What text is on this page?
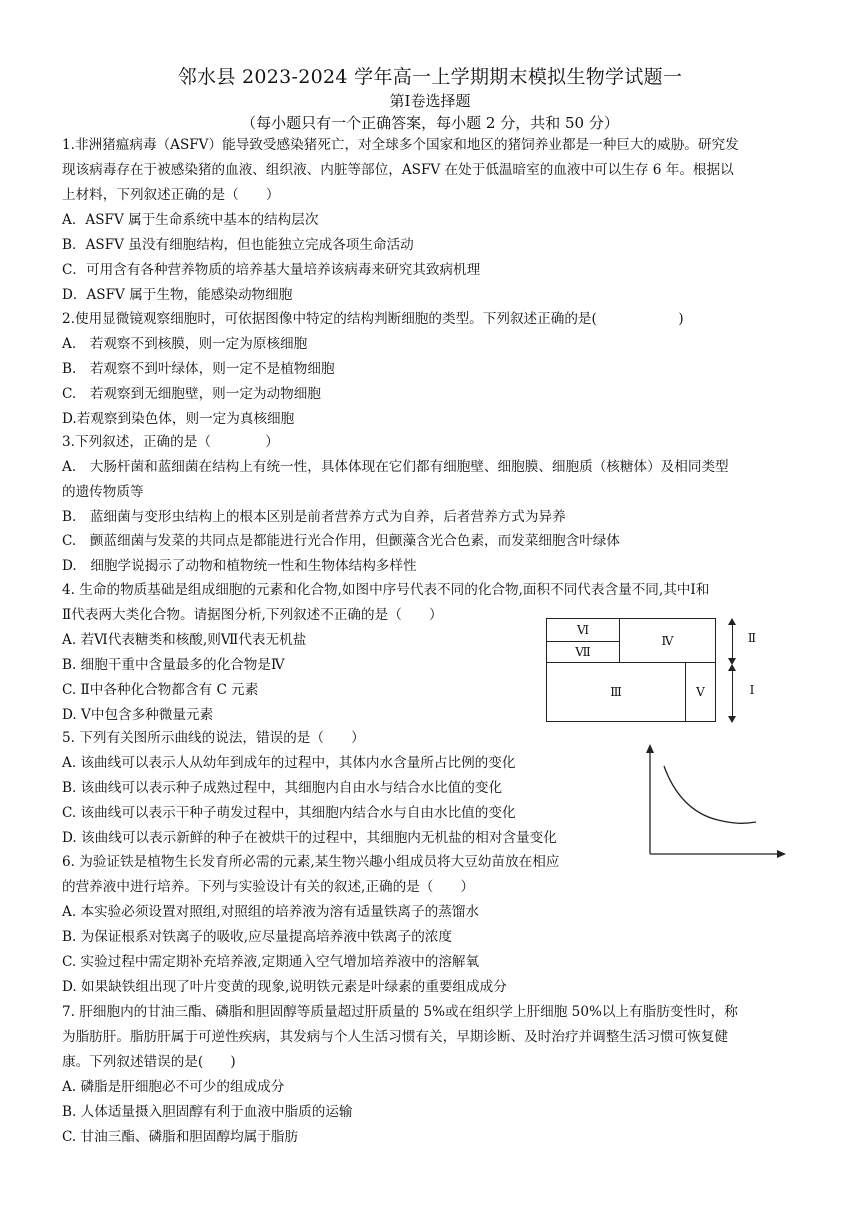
邻水县 2023-2024 学年高一上学期期末模拟生物学试题一
第Ⅰ卷选择题
（每小题只有一个正确答案，每小题 2 分，共和 50 分）
1.非洲猪瘟病毒（ASFV）能导致受感染猪死亡，对全球多个国家和地区的猪饲养业都是一种巨大的威胁。研究发
现该病毒存在于被感染猪的血液、组织液、内脏等部位，ASFV 在处于低温暗室的血液中可以生存 6 年。根据以
上材料，下列叙述正确的是（　　）
A．ASFV 属于生命系统中基本的结构层次
B．ASFV 虽没有细胞结构，但也能独立完成各项生命活动
C．可用含有各种营养物质的培养基大量培养该病毒来研究其致病机理
D．ASFV 属于生物，能感染动物细胞
2.使用显微镜观察细胞时，可依据图像中特定的结构判断细胞的类型。下列叙述正确的是(　　　　　　)
A.　若观察不到核膜，则一定为原核细胞
B.　若观察不到叶绿体，则一定不是植物细胞
C.　若观察到无细胞壁，则一定为动物细胞
D.若观察到染色体，则一定为真核细胞
3.下列叙述，正确的是（　　　　）
A.　大肠杆菌和蓝细菌在结构上有统一性，具体体现在它们都有细胞壁、细胞膜、细胞质（核糖体）及相同类型
的遗传物质等
B.　蓝细菌与变形虫结构上的根本区别是前者营养方式为自养，后者营养方式为异养
C.　颤蓝细菌与发菜的共同点是都能进行光合作用，但颤藻含光合色素，而发菜细胞含叶绿体
D.　细胞学说揭示了动物和植物统一性和生物体结构多样性
4. 生命的物质基础是组成细胞的元素和化合物,如图中序号代表不同的化合物,面积不同代表含量不同,其中Ⅰ和
Ⅱ代表两大类化合物。请据图分析,下列叙述不正确的是（　　）
A. 若Ⅵ代表糖类和核酸,则Ⅶ代表无机盐
B. 细胞干重中含量最多的化合物是Ⅳ
C. Ⅱ中各种化合物都含有 C 元素
D. Ⅴ中包含多种微量元素
Ⅵ
Ⅶ
Ⅳ
Ⅲ	Ⅴ
Ⅱ
Ⅰ
5. 下列有关图所示曲线的说法，错误的是（　　）
A. 该曲线可以表示人从幼年到成年的过程中，其体内水含量所占比例的变化
B. 该曲线可以表示种子成熟过程中，其细胞内自由水与结合水比值的变化
C. 该曲线可以表示干种子萌发过程中，其细胞内结合水与自由水比值的变化
D. 该曲线可以表示新鲜的种子在被烘干的过程中，其细胞内无机盐的相对含量变化
6. 为验证铁是植物生长发育所必需的元素,某生物兴趣小组成员将大豆幼苗放在相应
的营养液中进行培养。下列与实验设计有关的叙述,正确的是（　　）
A. 本实验必须设置对照组,对照组的培养液为溶有适量铁离子的蒸馏水
B. 为保证根系对铁离子的吸收,应尽量提高培养液中铁离子的浓度
C. 实验过程中需定期补充培养液,定期通入空气增加培养液中的溶解氧
D. 如果缺铁组出现了叶片变黄的现象,说明铁元素是叶绿素的重要组成成分
7. 肝细胞内的甘油三酯、磷脂和胆固醇等质量超过肝质量的 5%或在组织学上肝细胞 50%以上有脂肪变性时，称
为脂肪肝。脂肪肝属于可逆性疾病，其发病与个人生活习惯有关，早期诊断、及时治疗并调整生活习惯可恢复健
康。下列叙述错误的是(　　)
A. 磷脂是肝细胞必不可少的组成成分
B. 人体适量摄入胆固醇有利于血液中脂质的运输
C. 甘油三酯、磷脂和胆固醇均属于脂肪
